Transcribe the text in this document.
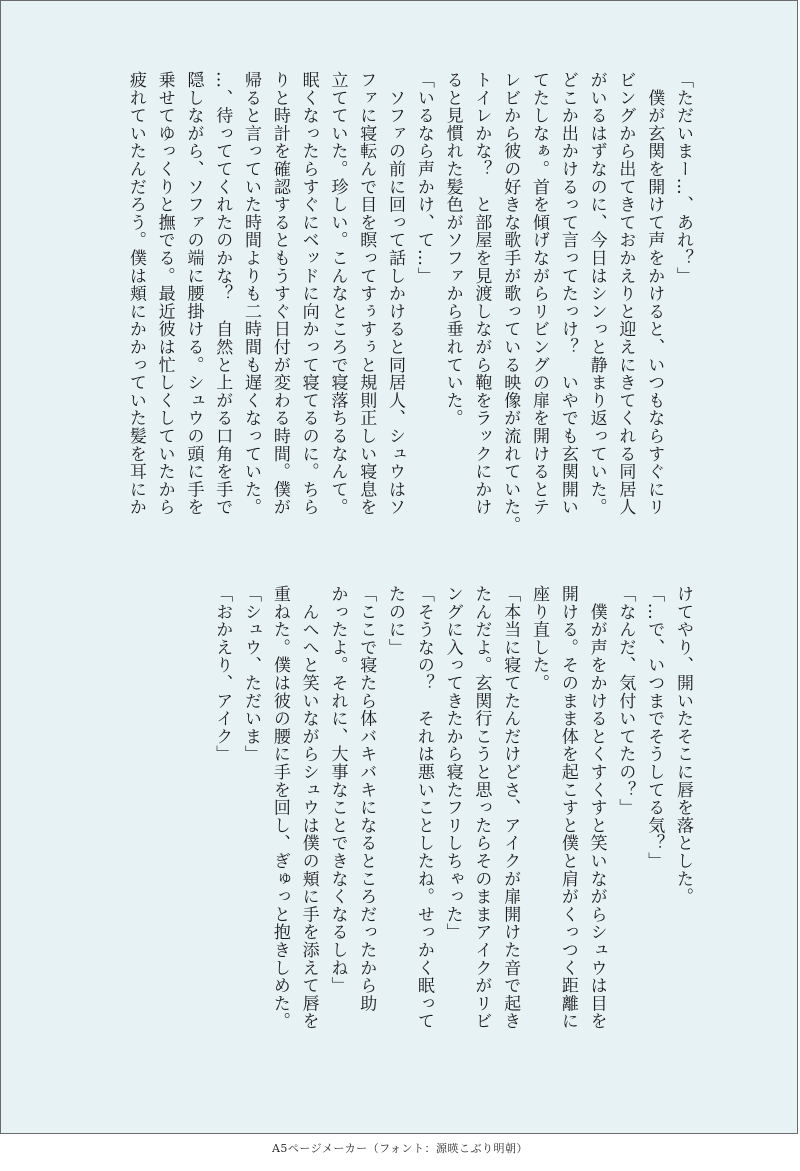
「ただいまー…、あれ？」
　僕が玄関を開けて声をかけると、いつもならすぐにリ
ビングから出てきておかえりと迎えにきてくれる同居人
がいるはずなのに、今日はシンっと静まり返っていた。
どこか出かけるって言ってたっけ？　いやでも玄関開い
てたしなぁ。首を傾げながらリビングの扉を開けるとテ
レビから彼の好きな歌手が歌っている映像が流れていた。
トイレかな？　と部屋を見渡しながら鞄をラックにかけ
ると見慣れた髪色がソファから垂れていた。
「いるなら声かけ、て…」
　ソファの前に回って話しかけると同居人、シュウはソ
ファに寝転んで目を瞑ってすぅすぅと規則正しい寝息を
立てていた。珍しい。こんなところで寝落ちるなんて。
眠くなったらすぐにベッドに向かって寝てるのに。ちら
りと時計を確認するともうすぐ日付が変わる時間。僕が
帰ると言っていた時間よりも二時間も遅くなっていた。
…、待っててくれたのかな？　自然と上がる口角を手で
隠しながら、ソファの端に腰掛ける。シュウの頭に手を
乗せてゆっくりと撫でる。最近彼は忙しくしていたから
疲れていたんだろう。僕は頬にかかっていた髪を耳にか
けてやり、開いたそこに唇を落とした。
「…で、いつまでそうしてる気？」
「なんだ、気付いてたの？」
　僕が声をかけるとくすくすと笑いながらシュウは目を
開ける。そのまま体を起こすと僕と肩がくっつく距離に
座り直した。
「本当に寝てたんだけどさ、アイクが扉開けた音で起き
たんだよ。玄関行こうと思ったらそのままアイクがリビ
ングに入ってきたから寝たフリしちゃった」
「そうなの？　それは悪いことしたね。せっかく眠って
たのに」
「ここで寝たら体バキバキになるところだったから助
かったよ。それに、大事なことできなくなるしね」
　んへへと笑いながらシュウは僕の頬に手を添えて唇を
重ねた。僕は彼の腰に手を回し、ぎゅっと抱きしめた。
「シュウ、ただいま」
「おかえり、アイク」
A5ページメーカー（フォント：源暎こぶり明朝）
